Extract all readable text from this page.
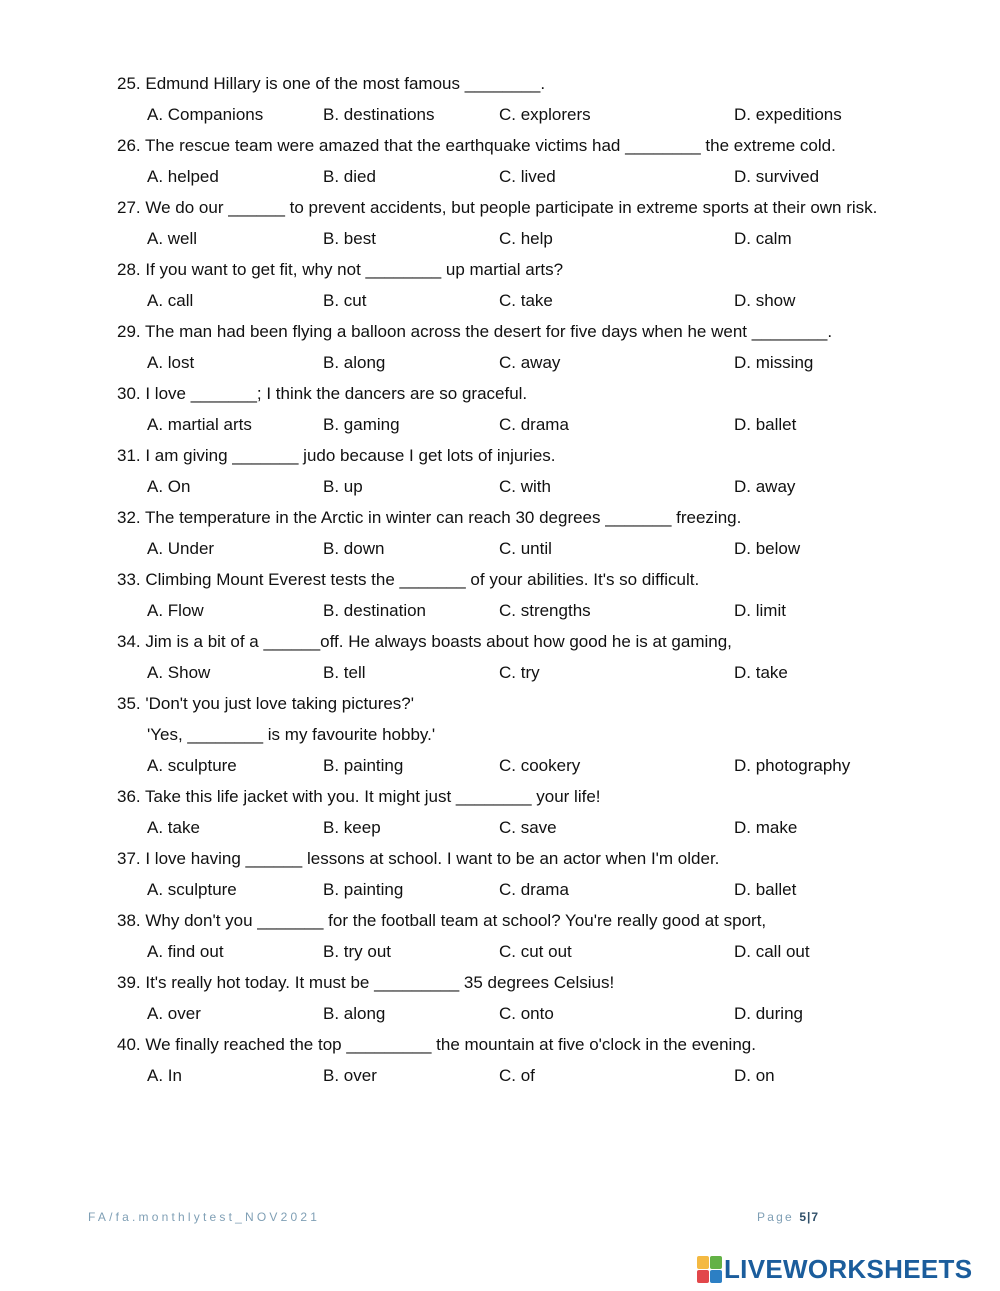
25. Edmund Hillary is one of the most famous ________.
A. Companions	B. destinations	C. explorers	D. expeditions
26. The rescue team were amazed that the earthquake victims had ________ the extreme cold.
A. helped	B. died	C. lived	D. survived
27. We do our ______ to prevent accidents, but people participate in extreme sports at their own risk.
A. well	B. best	C. help	D. calm
28. If you want to get fit, why not ________ up martial arts?
A. call	B. cut	C. take	D. show
29. The man had been flying a balloon across the desert for five days when he went ________.
A. lost	B. along	C. away	D. missing
30. I love _______; I think the dancers are so graceful.
A. martial arts	B. gaming	C. drama	D. ballet
31. I am giving _______ judo because I get lots of injuries.
A. On	B. up	C. with	D. away
32. The temperature in the Arctic in winter can reach 30 degrees _______ freezing.
A. Under	B. down	C. until	D. below
33. Climbing Mount Everest tests the _______ of your abilities. It's so difficult.
A. Flow	B. destination	C. strengths	D. limit
34. Jim is a bit of a ______off. He always boasts about how good he is at gaming,
A. Show	B. tell	C. try	D. take
35. 'Don't you just love taking pictures?'
'Yes, ________ is my favourite hobby.'
A. sculpture	B. painting	C. cookery	D. photography
36. Take this life jacket with you. It might just ________ your life!
A. take	B. keep	C. save	D. make
37. I love having ______ lessons at school. I want to be an actor when I'm older.
A. sculpture	B. painting	C. drama	D. ballet
38. Why don't you _______ for the football team at school? You're really good at sport,
A. find out	B. try out	C. cut out	D. call out
39. It's really hot today. It must be _________ 35 degrees Celsius!
A. over	B. along	C. onto	D. during
40. We finally reached the top _________ the mountain at five o'clock in the evening.
A. In	B. over	C. of	D. on
FA/fa.monthlytest_NOV2021	Page 5|7
LIVEWORKSHEETS
